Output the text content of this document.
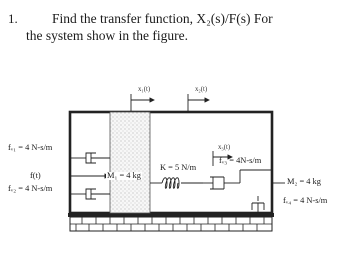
1.	Find the transfer function, X₂(s)/F(s) For
the system show in the figure.
x₁(t)	x₂(t)
x₃(t)
fᵥ₁ = 4 N-s/m
f(t)
fᵥ₂ = 4 N-s/m
M₁ = 4 kg
K = 5 N/m
fᵥ₃ = 4N-s/m
M₂ = 4 kg
fᵥ₄ = 4 N-s/m
